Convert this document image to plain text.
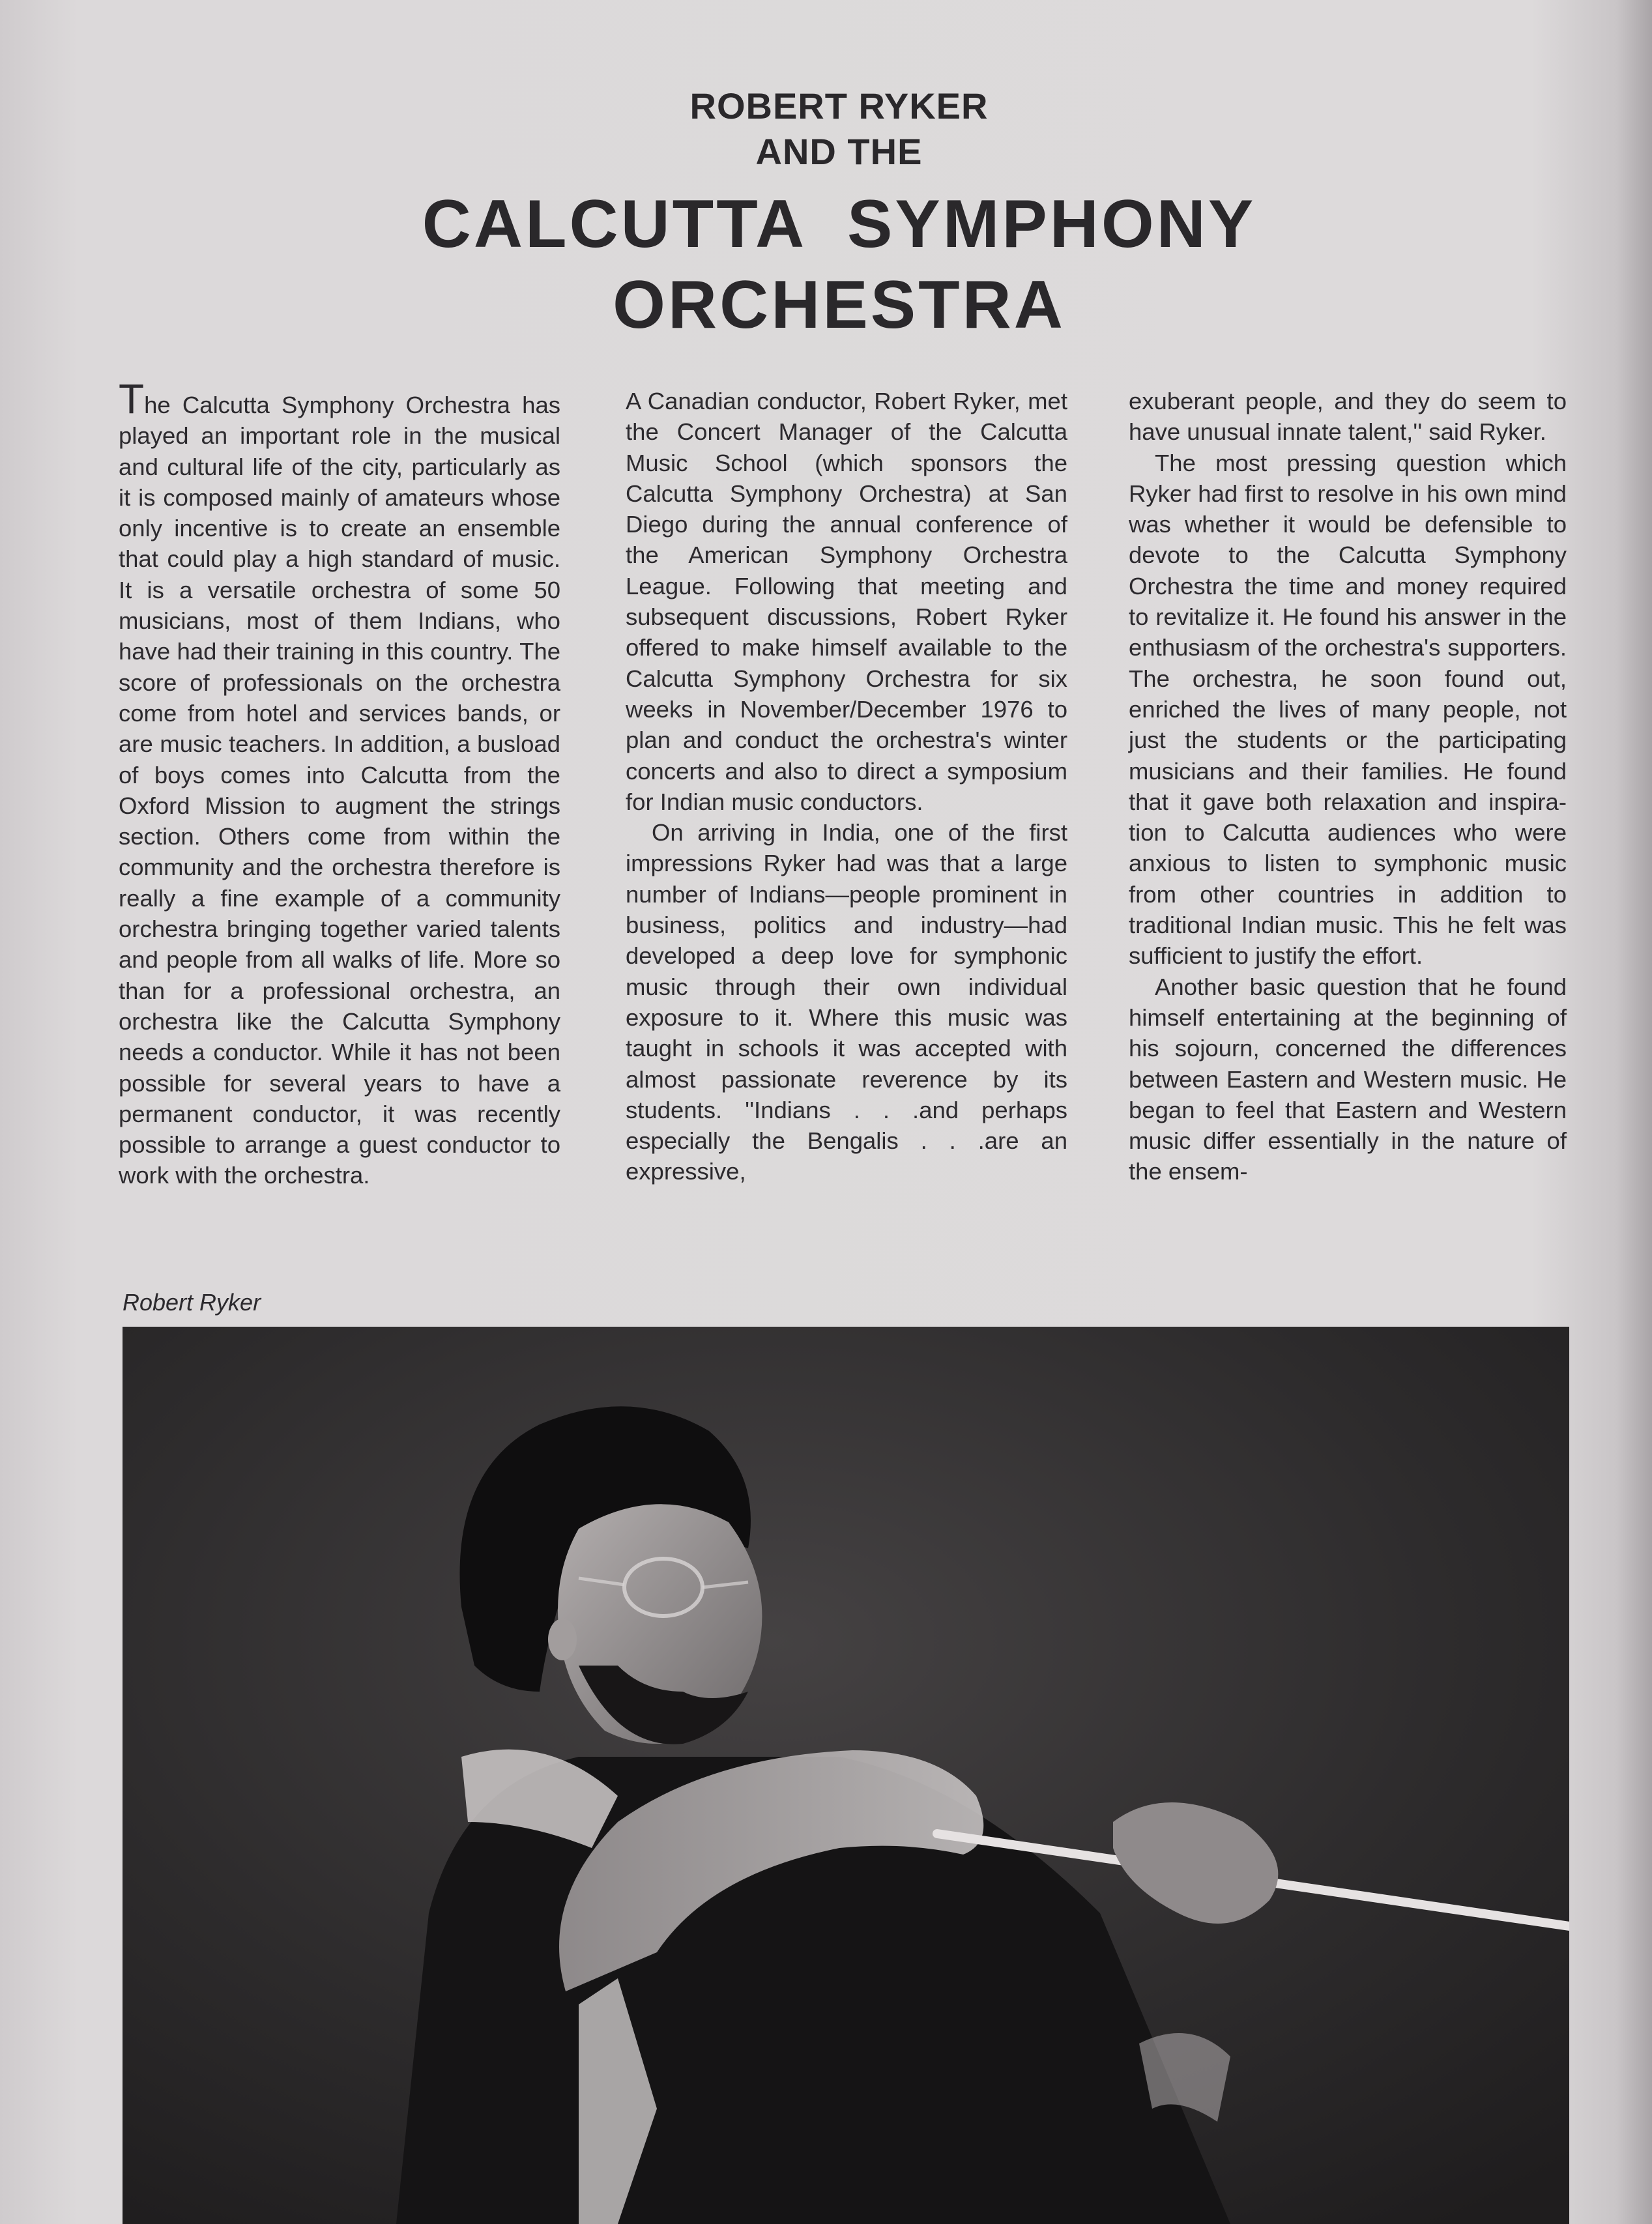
ROBERT RYKER
AND THE
CALCUTTA  SYMPHONY
ORCHESTRA

The Calcutta Symphony Orchestra has played an important role in the musical and cultural life of the city, particularly as it is composed mainly of amateurs whose only incentive is to create an ensemble that could play a high standard of music. It is a versatile orchestra of some 50 musicians, most of them Indians, who have had their training in this country. The score of professionals on the orchestra come from hotel and services bands, or are music teachers. In addition, a busload of boys comes into Calcutta from the Oxford Mission to augment the strings section. Others come from within the community and the orchestra therefore is really a fine example of a community orchestra bringing together varied talents and people from all walks of life. More so than for a professional orchestra, an orchestra like the Calcutta Symphony needs a conductor. While it has not been possible for several years to have a permanent conductor, it was recently possible to arrange a guest conductor to work with the orchestra.

A Canadian conductor, Robert Ryker, met the Concert Manager of the Calcutta Music School (which sponsors the Calcutta Symphony Orchestra) at San Diego during the annual conference of the American Symphony Orchestra League. Following that meeting and subsequent discussions, Robert Ryker offered to make himself available to the Calcutta Symphony Orchestra for six weeks in November/December 1976 to plan and conduct the orchestra's winter concerts and also to direct a symposium for Indian music conductors.

On arriving in India, one of the first impressions Ryker had was that a large number of Indians—people prominent in business, politics and industry—had developed a deep love for symphonic music through their own individual exposure to it. Where this music was taught in schools it was accepted with almost passionate reverence by its students. ''Indians . . .and perhaps especially the Bengalis . . .are an expressive,

exuberant people, and they do seem to have unusual innate talent,'' said Ryker.

The most pressing question which Ryker had first to resolve in his own mind was whether it would be defensible to devote to the Calcutta Symphony Orchestra the time and money required to revitalize it. He found his answer in the enthusiasm of the orchestra's supporters. The orchestra, he soon found out, enriched the lives of many people, not just the students or the participating musicians and their families. He found that it gave both relaxation and inspiration to Calcutta audiences who were anxious to listen to symphonic music from other countries in addition to traditional Indian music. This he felt was sufficient to justify the effort.

Another basic question that he found himself entertaining at the beginning of his sojourn, concerned the differences between Eastern and Western music. He began to feel that Eastern and Western music differ essentially in the nature of the ensem-

Robert Ryker
